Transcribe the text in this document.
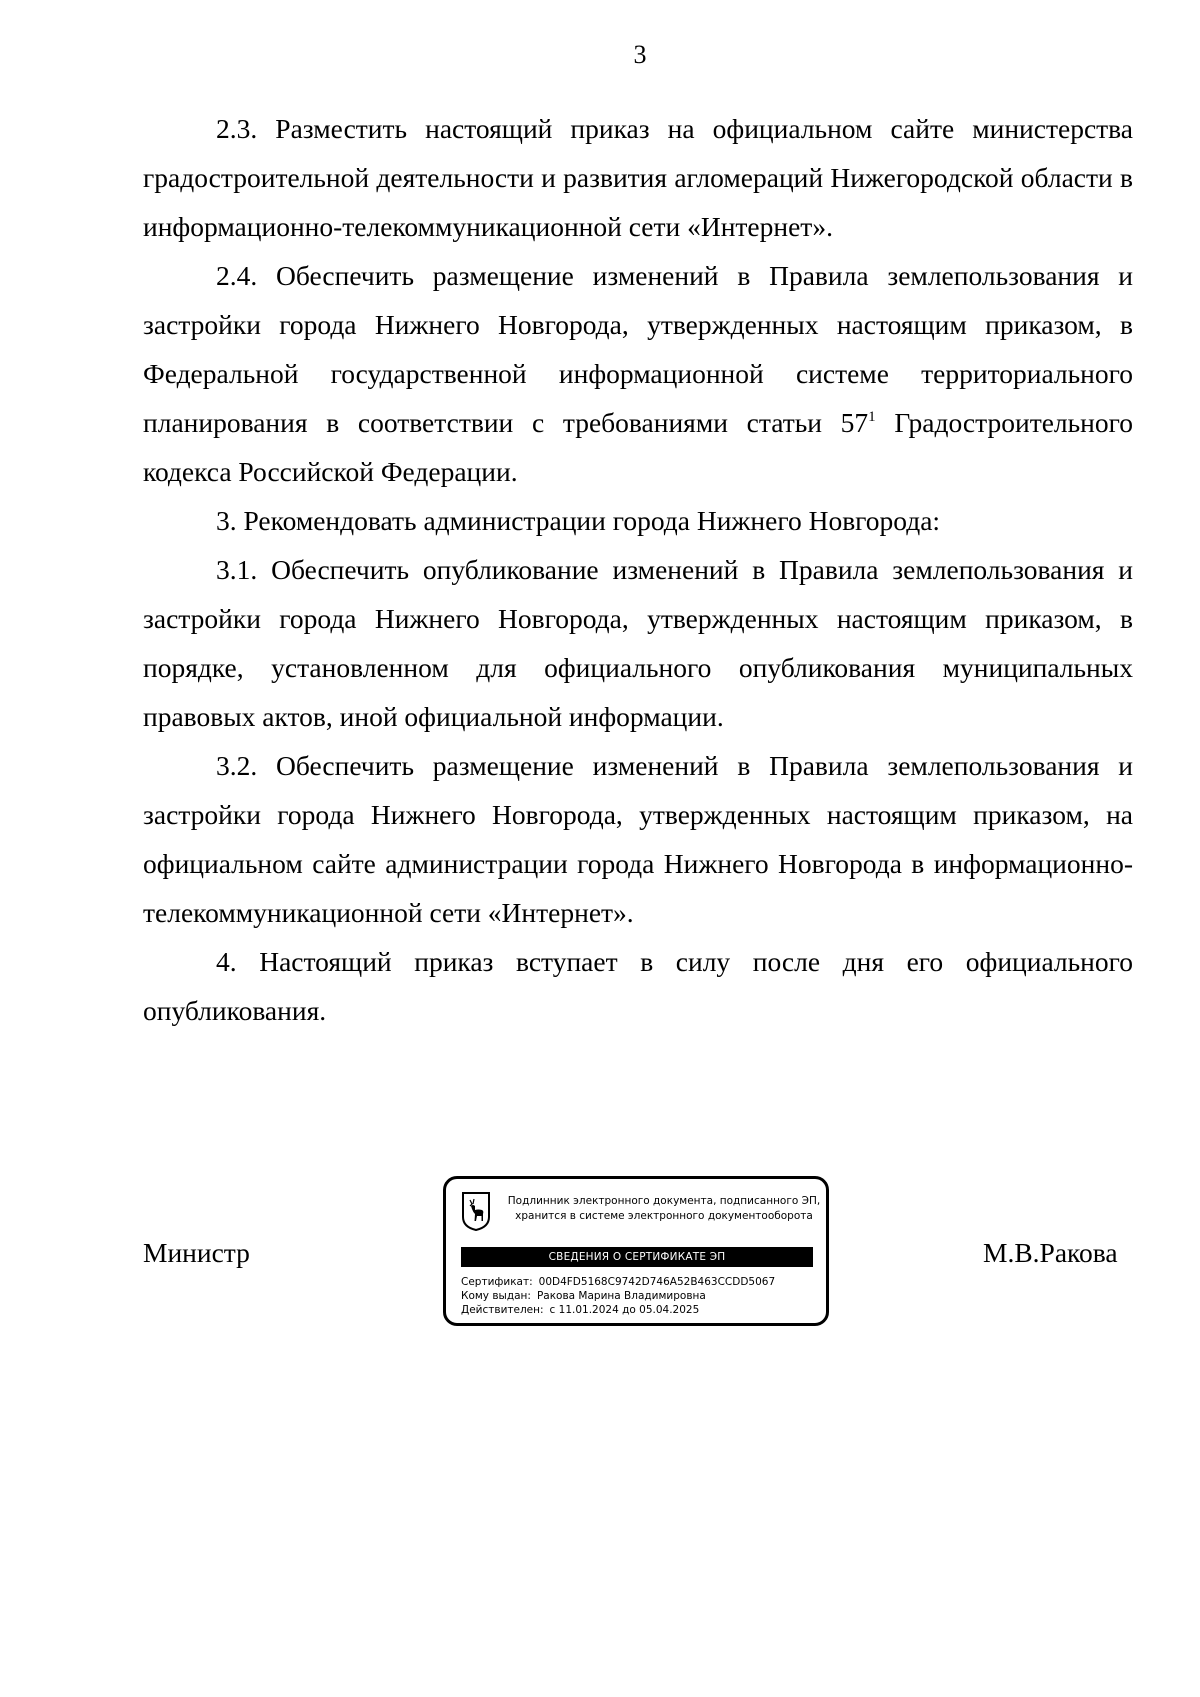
3

2.3. Разместить настоящий приказ на официальном сайте министерства градостроительной деятельности и развития агломераций Нижегородской области в информационно-телекоммуникационной сети «Интернет».

2.4. Обеспечить размещение изменений в Правила землепользования и застройки города Нижнего Новгорода, утвержденных настоящим приказом, в Федеральной государственной информационной системе территориального планирования в соответствии с требованиями статьи $57^1$ Градостроительного кодекса Российской Федерации.

3. Рекомендовать администрации города Нижнего Новгорода:

3.1. Обеспечить опубликование изменений в Правила землепользования и застройки города Нижнего Новгорода, утвержденных настоящим приказом, в порядке, установленном для официального опубликования муниципальных правовых актов, иной официальной информации.

3.2. Обеспечить размещение изменений в Правила землепользования и застройки города Нижнего Новгорода, утвержденных настоящим приказом, на официальном сайте администрации города Нижнего Новгорода в информационно-телекоммуникационной сети «Интернет».

4. Настоящий приказ вступает в силу после дня его официального опубликования.

Министр	М.В.Ракова
Подлинник электронного документа, подписанного ЭП,
хранится в системе электронного документооборота
СВЕДЕНИЯ О СЕРТИФИКАТЕ ЭП
Сертификат: 00D4FD5168C9742D746A52B463CCDD5067
Кому выдан: Ракова Марина Владимировна
Действителен: с 11.01.2024 до 05.04.2025
